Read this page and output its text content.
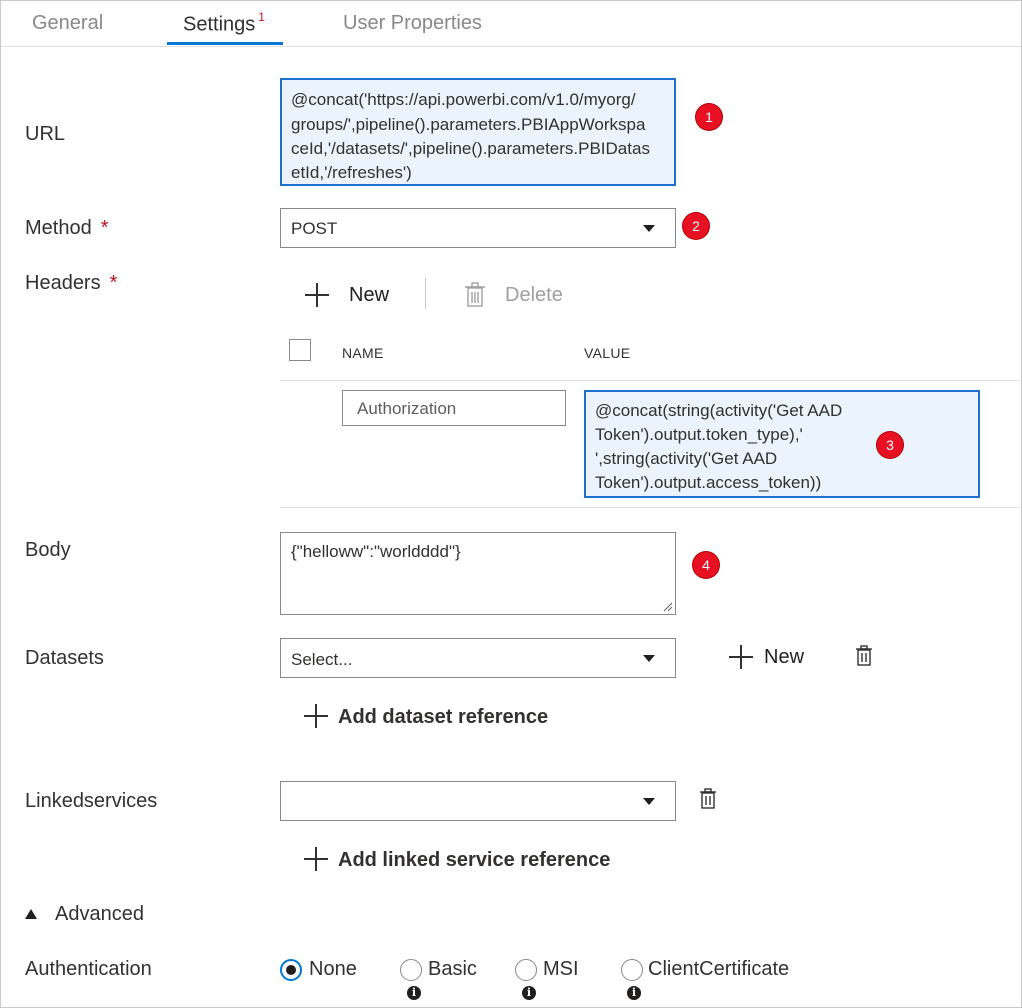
General	Settings $^1$	User Properties
URL
@concat('https://api.powerbi.com/v1.0/myorg/
groups/',pipeline().parameters.PBIAppWorkspa
ceId,'/datasets/',pipeline().parameters.PBIDatas
etId,'/refreshes')
1
Method *	POST	2
Headers *
New	Delete
NAME	VALUE
Authorization	@concat(string(activity('Get AAD
Token').output.token_type),'
',string(activity('Get AAD
Token').output.access_token))
3
Body	{"helloww":"worldddd"}
4
Datasets	Select...	New
Add dataset reference
Linkedservices
Add linked service reference
Advanced
Authentication	None	Basic
i
MSI
i
ClientCertificate
i
